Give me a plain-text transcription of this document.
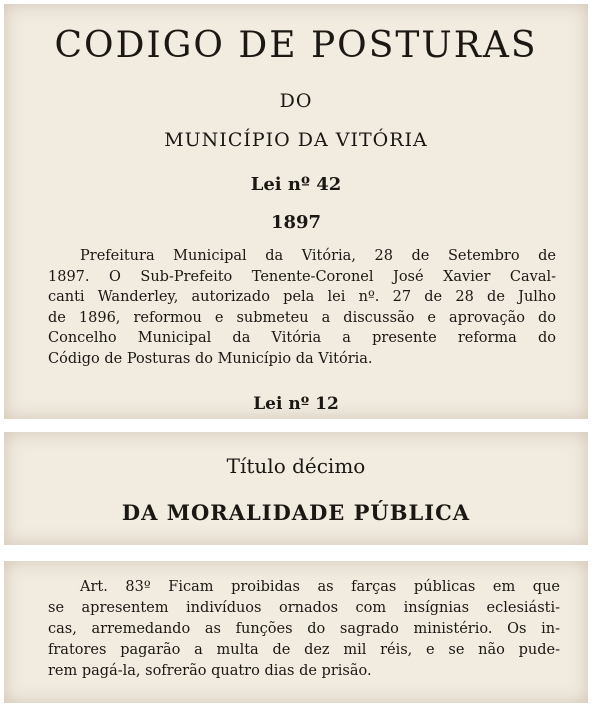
CODIGO DE POSTURAS
DO
MUNICÍPIO DA VITÓRIA
Lei nº 42
1897
Prefeitura Municipal da Vitória, 28 de Setembro de
1897. O Sub-Prefeito Tenente-Coronel José Xavier Caval-
canti Wanderley, autorizado pela lei nº. 27 de 28 de Julho
de 1896, reformou e submeteu a discussão e aprovação do
Concelho Municipal da Vitória a presente reforma do
Código de Posturas do Município da Vitória.
Lei nº 12
Título décimo
DA MORALIDADE PÚBLICA
Art. 83º Ficam proibidas as farças públicas em que
se apresentem indivíduos ornados com insígnias eclesiásti-
cas, arremedando as funções do sagrado ministério. Os in-
fratores pagarão a multa de dez mil réis, e se não pude-
rem pagá-la, sofrerão quatro dias de prisão.
